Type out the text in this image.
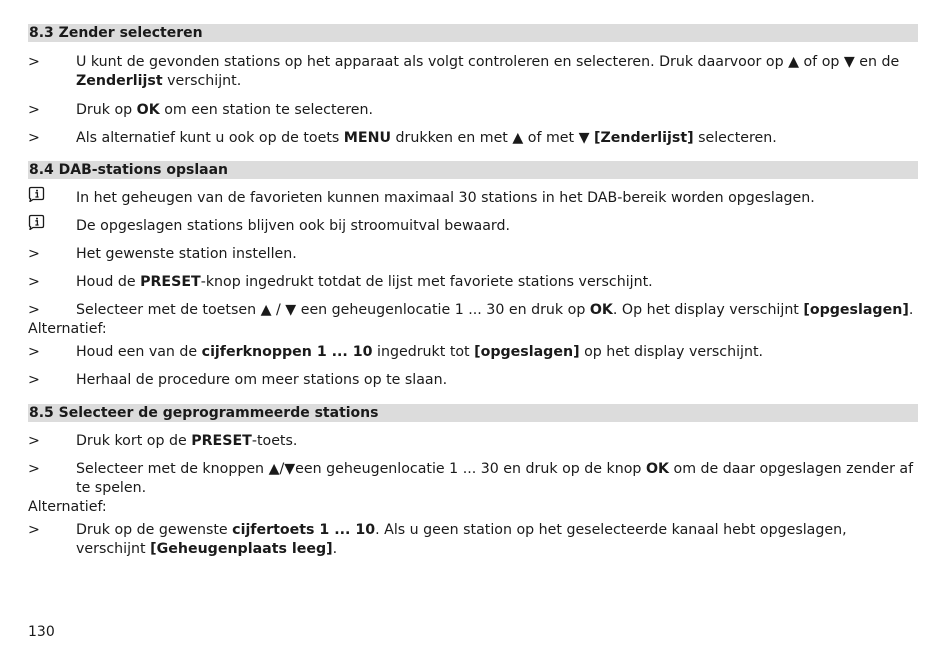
8.3 Zender selecteren
>	U kunt de gevonden stations op het apparaat als volgt controleren en selecteren. Druk daarvoor op ▲ of op ▼ en de Zenderlijst verschijnt.
>	Druk op OK om een station te selecteren.
>	Als alternatief kunt u ook op de toets MENU drukken en met ▲ of met ▼ [Zenderlijst] selecteren.
8.4 DAB-stations opslaan
In het geheugen van de favorieten kunnen maximaal 30 stations in het DAB-bereik worden opgeslagen.
De opgeslagen stations blijven ook bij stroomuitval bewaard.
>	Het gewenste station instellen.
>	Houd de PRESET-knop ingedrukt totdat de lijst met favoriete stations verschijnt.
>	Selecteer met de toetsen ▲ / ▼ een geheugenlocatie 1 ... 30 en druk op OK. Op het display verschijnt [opgeslagen].
Alternatief:
>	Houd een van de cijferknoppen 1 ... 10 ingedrukt tot [opgeslagen] op het display verschijnt.
>	Herhaal de procedure om meer stations op te slaan.
8.5 Selecteer de geprogrammeerde stations
>	Druk kort op de PRESET-toets.
>	Selecteer met de knoppen ▲/▼een geheugenlocatie 1 ... 30 en druk op de knop OK om de daar opgeslagen zender af te spelen.
Alternatief:
>	Druk op de gewenste cijfertoets 1 ... 10. Als u geen station op het geselecteerde kanaal hebt opgeslagen, verschijnt [Geheugenplaats leeg].
130
